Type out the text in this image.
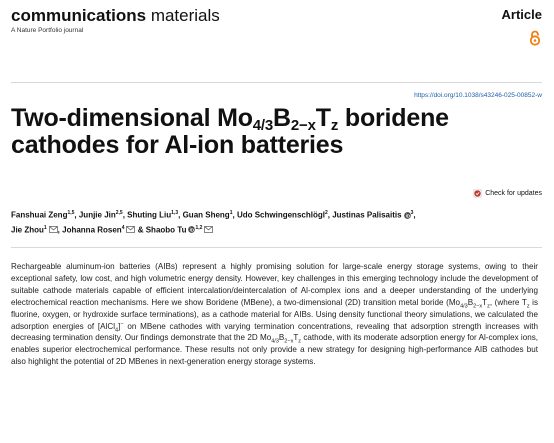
communications materials
A Nature Portfolio journal
Article
https://doi.org/10.1038/s43246-025-00852-w
Two-dimensional $Mo_{4/3}B_{2-x}T_z$ boridene cathodes for Al-ion batteries
Check for updates
Fanshuai Zeng$^{1,5}$, Junjie Jin$^{2,5}$, Shuting Liu$^{1,3}$, Guan Sheng$^1$, Udo Schwingenschlögl$^2$, Justinas Palisaitis $^3$,
Jie Zhou$^1$ , Johanna Rosen$^4$ & Shaobo Tu $^{1,2}$
Rechargeable aluminum-ion batteries (AIBs) represent a highly promising solution for large-scale energy storage systems, owing to their exceptional safety, low cost, and high volumetric energy density. However, key challenges in this emerging technology include the development of suitable cathode materials capable of efficient intercalation/deintercalation of Al-complex ions and a deeper understanding of the underlying electrochemical reaction mechanisms. Here we show Boridene (MBene), a two-dimensional (2D) transition metal boride ($Mo_{4/3}B_{2-x}T_z$, (where $T_z$ is fluorine, oxygen, or hydroxide surface terminations), as a cathode material for AIBs. Using density functional theory simulations, we calculated the adsorption energies of [AlCl$_4$]− on MBene cathodes with varying termination concentrations, revealing that adsorption strength increases with decreasing termination density. Our findings demonstrate that the 2D $Mo_{4/3}B_{2-x}T_z$ cathode, with its moderate adsorption energy for Al-complex ions, enables superior electrochemical performance. These results not only provide a new strategy for designing high-performance AIB cathodes but also highlight the potential of 2D MBenes in next-generation energy storage systems.
